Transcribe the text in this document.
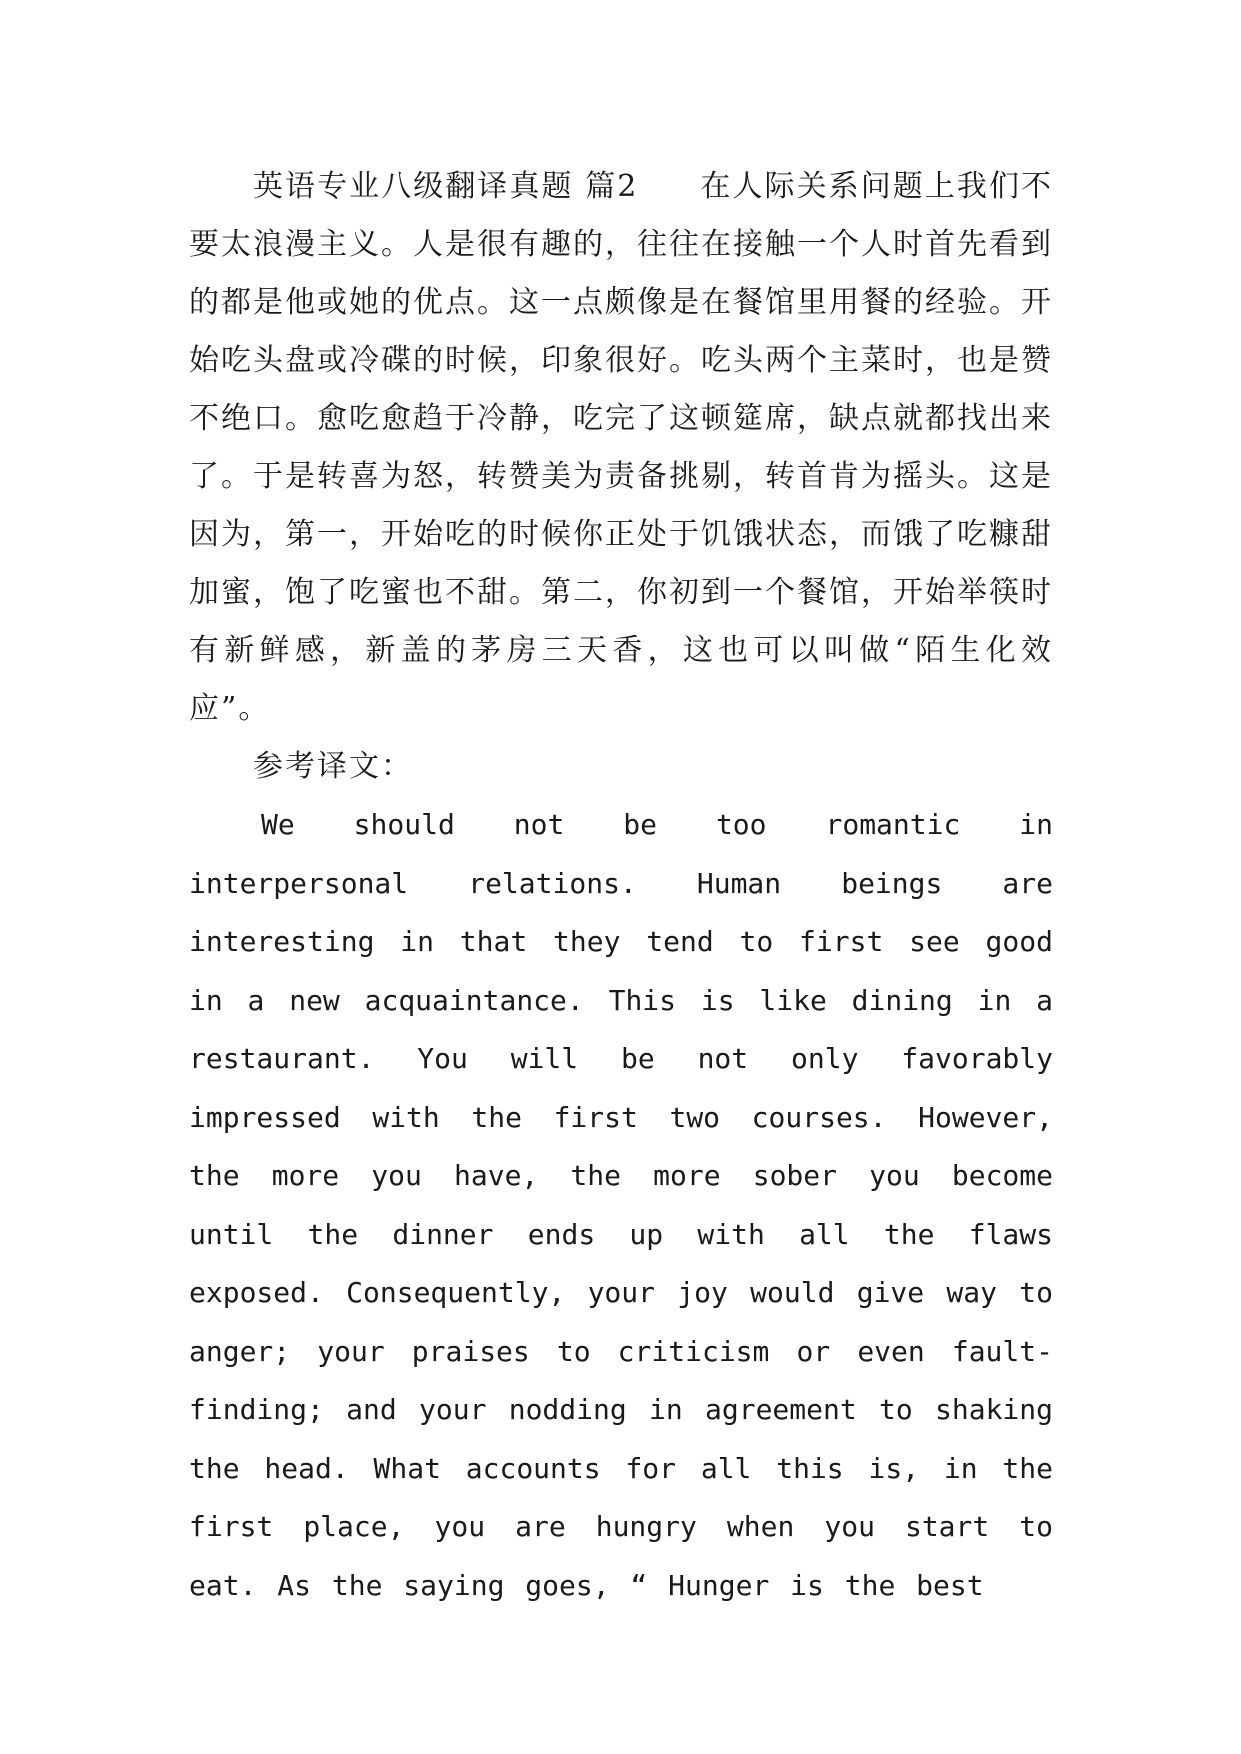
英语专业八级翻译真题 篇2 在人际关系问题上我们不要太浪漫主义。人是很有趣的，往往在接触一个人时首先看到的都是他或她的优点。这一点颇像是在餐馆里用餐的经验。开始吃头盘或冷碟的时候，印象很好。吃头两个主菜时，也是赞不绝口。愈吃愈趋于冷静，吃完了这顿筵席，缺点就都找出来了。于是转喜为怒，转赞美为责备挑剔，转首肯为摇头。这是因为，第一，开始吃的时候你正处于饥饿状态，而饿了吃糠甜加蜜，饱了吃蜜也不甜。第二，你初到一个餐馆，开始举筷时有新鲜感，新盖的茅房三天香，这也可以叫做“陌生化效应”。

参考译文：

We should not be too romantic in interpersonal relations. Human beings are interesting in that they tend to first see good in a new acquaintance. This is like dining in a restaurant. You will be not only favorably impressed with the first two courses. However, the more you have, the more sober you become until the dinner ends up with all the flaws exposed. Consequently, your joy would give way to anger; your praises to criticism or even fault-finding; and your nodding in agreement to shaking the head. What accounts for all this is, in the first place, you are hungry when you start to eat. As the saying goes, “ Hunger is the best
